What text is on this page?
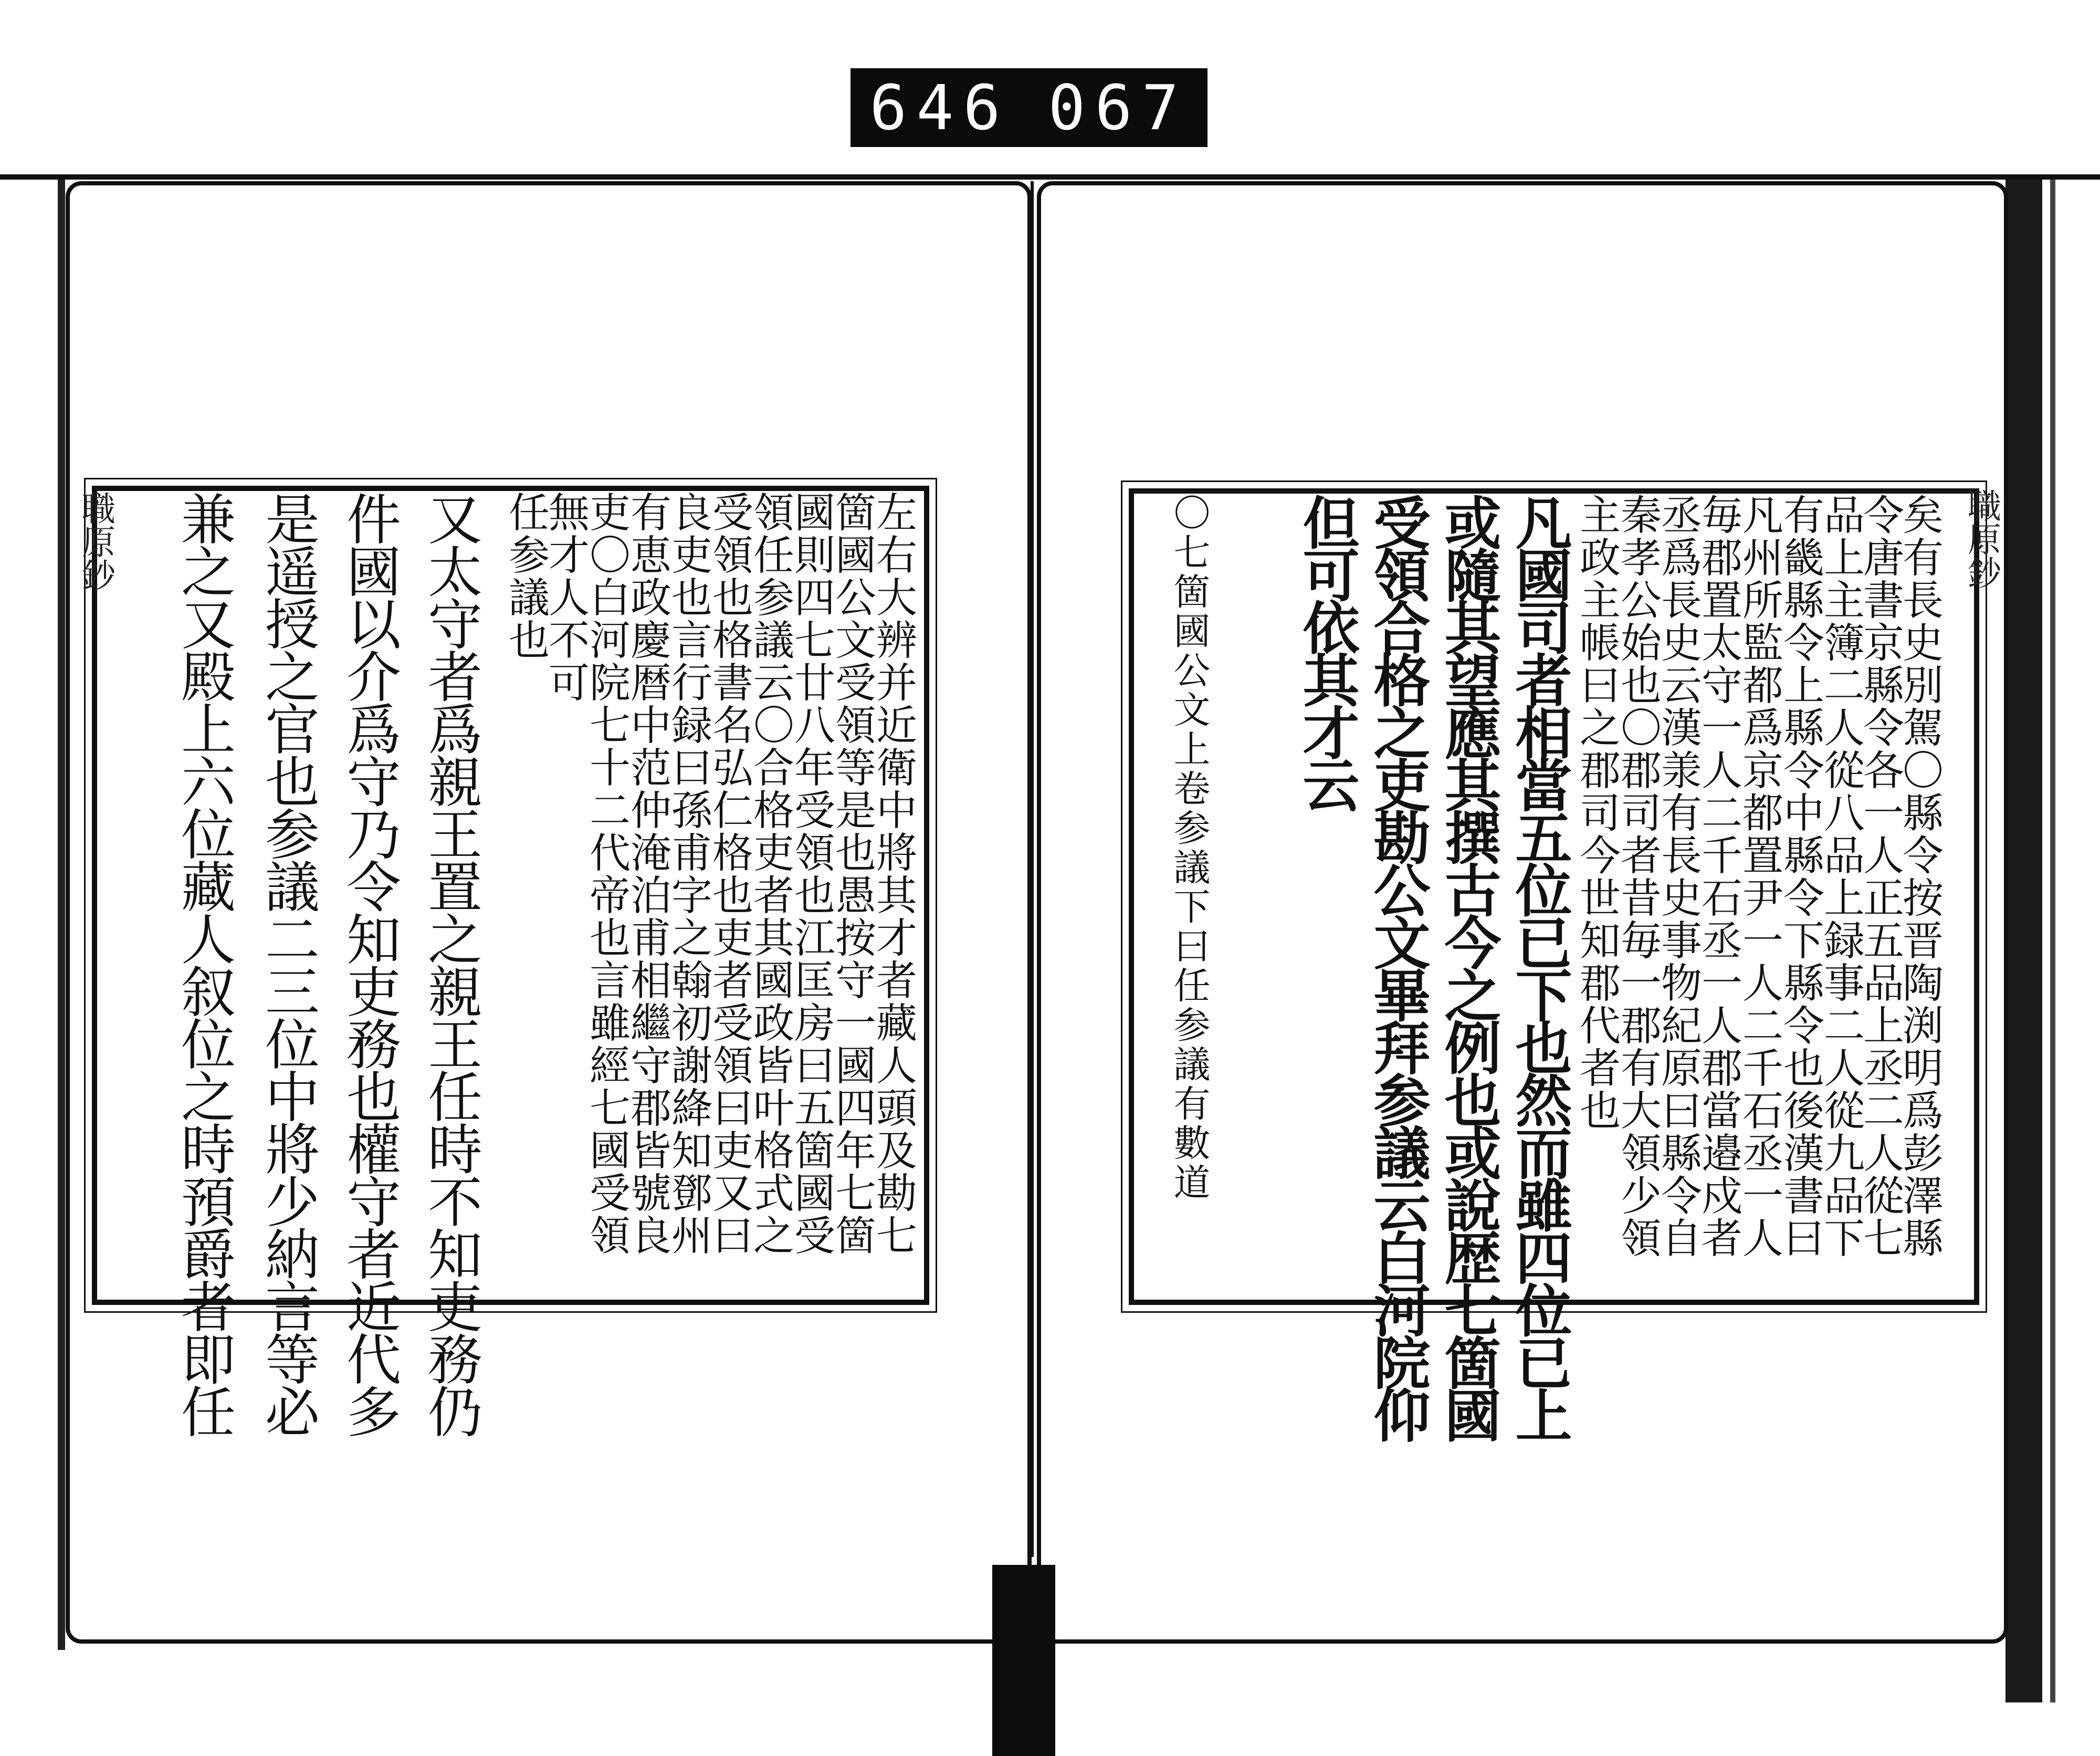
646 067
矣有長史別駕〇縣令按晋陶渕明爲彭澤縣
令唐書京縣令各一人正五品上丞二人從七
品上主簿二人從八品上録事二人從九品下
有畿縣令上縣令中縣令下縣令也後漢書曰
凡州所監都爲京都置尹一人二千石丞一人
毎郡置太守一人二千石丞一人郡當邉戍者
丞爲長史云漢𣴎有長史事物紀原曰縣令自
秦孝公始也〇郡司者昔毎一郡有大領少領
主政主帳曰之郡司今世知郡代者也
凡國司者相當五位已下也然而雖四位已上
或隨其望應其撰古今之例也或說歴七箇國
受領合格之吏勘公文畢拜参議云白河院仰
但可依其才云
〇七箇國公文上卷参議下曰任参議有數道
左右大辨并近衛中將其才者藏人頭及勘七
箇國公文受領等是也愚按守一國四年七箇
國則四七廿八年受領也江匡房曰五箇國受
領任参議云〇合格吏者其國政皆叶格式之
受領也格書名弘仁格也吏者受領曰吏又曰
良吏也言行録曰孫甫字之翰初謝絳知鄧州
有恵政慶暦中范仲淹泊甫相繼守郡皆號良
吏〇白河院七十二代帝也言雖經七國受領
無才人不可
任参議也
又太守者爲親王置之親王任時不知吏務仍
件國以介爲守乃令知吏務也權守者近代多
是遥授之官也参議二三位中將少納言等必
兼之又殿上六位藏人叙位之時預爵者即任	職原鈔
職原鈔
